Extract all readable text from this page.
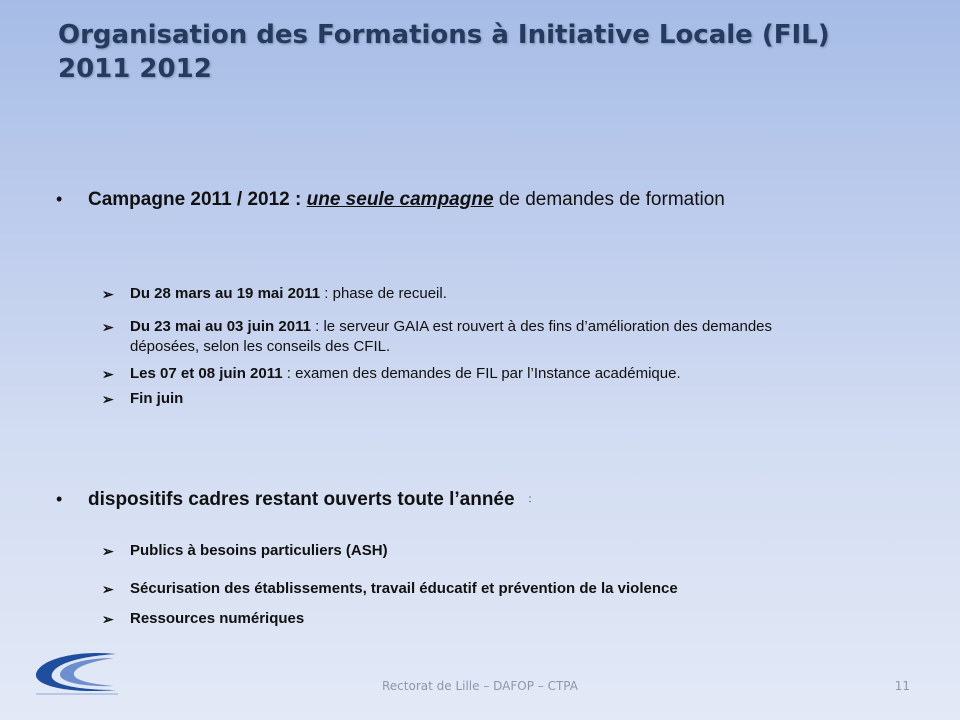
Organisation des Formations à Initiative Locale (FIL)
2011 2012
• Campagne 2011 / 2012 : une seule campagne de demandes de formation
➢ Du 28 mars au 19 mai 2011 : phase de recueil.
➢ Du 23 mai au 03 juin 2011 : le serveur GAIA est rouvert à des fins d’amélioration des demandes déposées, selon les conseils des CFIL.
➢ Les 07 et 08 juin 2011 : examen des demandes de FIL par l’Instance académique.
➢ Fin juin
• dispositifs cadres restant ouverts toute l’année :
➢ Publics à besoins particuliers (ASH)
➢ Sécurisation des établissements, travail éducatif et prévention de la violence
➢ Ressources numériques
Rectorat de Lille – DAFOP – CTPA	11
